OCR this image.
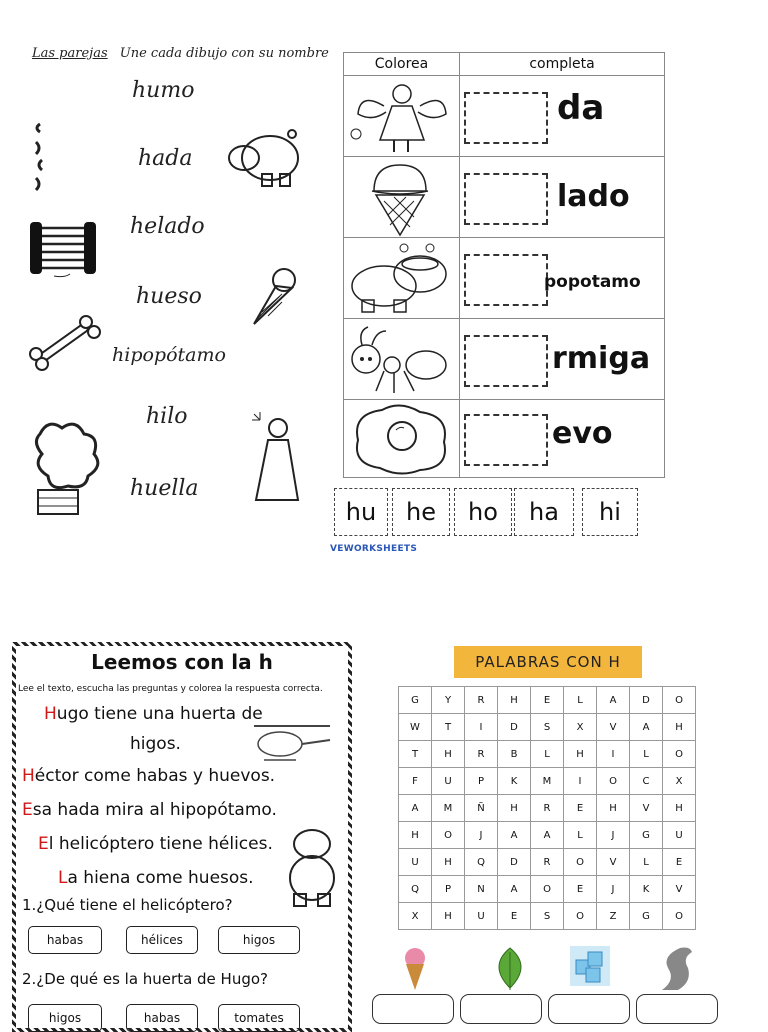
Las parejas Une cada dibujo con su nombre
humo
hada
helado
hueso
hipopótamo
hilo
huella
Colorea	completa
da
lado
popotamo
rmiga
evo
hu	he	ho	ha	hi
VEWORKSHEETS
Leemos con la h
Lee el texto, escucha las preguntas y colorea la respuesta correcta.
Hugo tiene una huerta de
higos.
Héctor come habas y huevos.
Esa hada mira al hipopótamo.
El helicóptero tiene hélices.
La hiena come huesos.
1.¿Qué tiene el helicóptero?
habas	hélices	higos
2.¿De qué es la huerta de Hugo?
higos	habas	tomates
PALABRAS CON H
G	Y	R	H	E	L	A	D	O
W	T	I	D	S	X	V	A	H
T	H	R	B	L	H	I	L	O
F	U	P	K	M	I	O	C	X
A	M	Ñ	H	R	E	H	V	H
H	O	J	A	A	L	J	G	U
U	H	Q	D	R	O	V	L	E
Q	P	N	A	O	E	J	K	V
X	H	U	E	S	O	Z	G	O
